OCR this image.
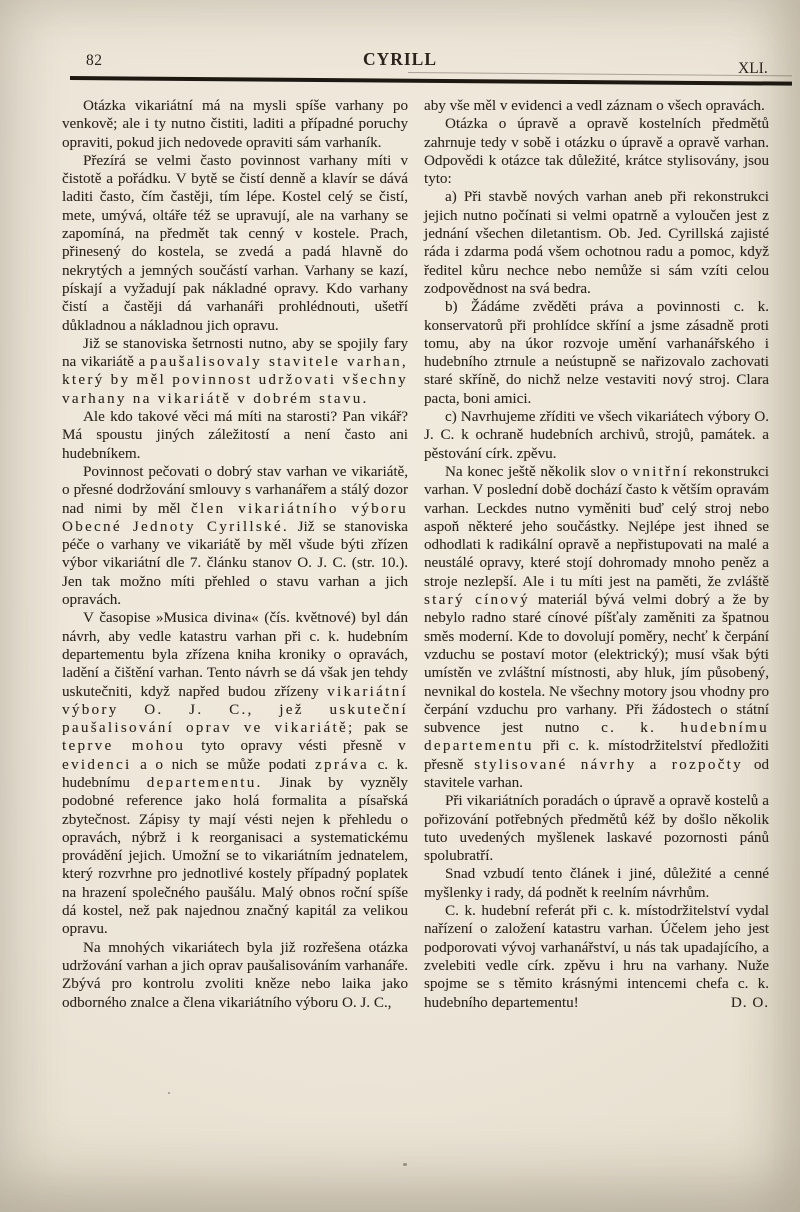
82	CYRILL	XLI.

Otázka vikariátní má na mysli spíše varhany po venkově; ale i ty nutno čistiti, laditi a případné poruchy opraviti, pokud jich nedovede opraviti sám varhaník.

Přezírá se velmi často povinnost varhany míti v čistotě a pořádku. V bytě se čistí denně a klavír se dává laditi často, čím častěji, tím lépe. Kostel celý se čistí, mete, umývá, oltáře též se upravují, ale na varhany se zapomíná, na předmět tak cenný v kostele. Prach, přinesený do kostela, se zvedá a padá hlavně do nekrytých a jemných součástí varhan. Varhany se kazí, pískají a vyžadují pak nákladné opravy. Kdo varhany čistí a častěji dá varhanáři prohlédnouti, ušetří důkladnou a nákladnou jich opravu.

Již se stanoviska šetrnosti nutno, aby se spojily fary na vikariátě a paušalisovaly stavitele varhan, který by měl povinnost udržovati všechny varhany na vikariátě v dobrém stavu.

Ale kdo takové věci má míti na starosti? Pan vikář? Má spoustu jiných záležitostí a není často ani hudebníkem.

Povinnost pečovati o dobrý stav varhan ve vikariátě, o přesné dodržování smlouvy s varhanářem a stálý dozor nad nimi by měl člen vikariátního výboru Obecné Jednoty Cyrillské. Již se stanoviska péče o varhany ve vikariátě by měl všude býti zřízen výbor vikariátní dle 7. článku stanov O. J. C. (str. 10.). Jen tak možno míti přehled o stavu varhan a jich opravách.

V časopise »Musica divina« (čís. květnové) byl dán návrh, aby vedle katastru varhan při c. k. hudebním departementu byla zřízena kniha kroniky o opravách, ladění a čištění varhan. Tento návrh se dá však jen tehdy uskutečniti, když napřed budou zřízeny vikariátní výbory O. J. C., jež uskuteční paušalisování oprav ve vikariátě; pak se teprve mohou tyto opravy vésti přesně v evidenci a o nich se může podati zpráva c. k. hudebnímu departementu. Jinak by vyzněly podobné reference jako holá formalita a písařská zbytečnost. Zápisy ty mají vésti nejen k přehledu o opravách, nýbrž i k reorganisaci a systematickému provádění jejich. Umožní se to vikariátním jednatelem, který rozvrhne pro jednotlivé kostely případný poplatek na hrazení společného paušálu. Malý obnos roční spíše dá kostel, než pak najednou značný kapitál za velikou opravu.

Na mnohých vikariátech byla již rozřešena otázka udržování varhan a jich oprav paušalisováním varhanáře. Zbývá pro kontrolu zvoliti kněze nebo laika jako odborného znalce a člena vikariátního výboru O. J. C.,

aby vše měl v evidenci a vedl záznam o všech opravách.

Otázka o úpravě a opravě kostelních předmětů zahrnuje tedy v sobě i otázku o úpravě a opravě varhan. Odpovědi k otázce tak důležité, krátce stylisovány, jsou tyto:

a) Při stavbě nových varhan aneb při rekonstrukci jejich nutno počínati si velmi opatrně a vyloučen jest z jednání všechen diletantism. Ob. Jed. Cyrillská zajisté ráda i zdarma podá všem ochotnou radu a pomoc, když ředitel kůru nechce nebo nemůže si sám vzíti celou zodpovědnost na svá bedra.

b) Žádáme zvěděti práva a povinnosti c. k. konservatorů při prohlídce skříní a jsme zásadně proti tomu, aby na úkor rozvoje umění varhanářského i hudebního ztrnule a neústupně se nařizovalo zachovati staré skříně, do nichž nelze vestaviti nový stroj. Clara pacta, boni amici.

c) Navrhujeme zříditi ve všech vikariátech výbory O. J. C. k ochraně hudebních archivů, strojů, památek. a pěstování círk. zpěvu.

Na konec ještě několik slov o vnitřní rekonstrukci varhan. V poslední době dochází často k větším opravám varhan. Leckdes nutno vyměniti buď celý stroj nebo aspoň některé jeho součástky. Nejlépe jest ihned se odhodlati k radikální opravě a nepřistupovati na malé a neustálé opravy, které stojí dohromady mnoho peněz a stroje nezlepší. Ale i tu míti jest na paměti, že zvláště starý cínový materiál bývá velmi dobrý a že by nebylo radno staré cínové píšťaly zaměniti za špatnou směs moderní. Kde to dovolují poměry, nechť k čerpání vzduchu se postaví motor (elektrický); musí však býti umístěn ve zvláštní místnosti, aby hluk, jím působený, nevnikal do kostela. Ne všechny motory jsou vhodny pro čerpání vzduchu pro varhany. Při žádostech o státní subvence jest nutno c. k. hudebnímu departementu při c. k. místodržitelství předložiti přesně stylisované návrhy a rozpočty od stavitele varhan.

Při vikariátních poradách o úpravě a opravě kostelů a pořizování potřebných předmětů kéž by došlo několik tuto uvedených myšlenek laskavé pozornosti pánů spolubratří.

Snad vzbudí tento článek i jiné, důležité a cenné myšlenky i rady, dá podnět k reelním návrhům.

C. k. hudební referát při c. k. místodržitelství vydal nařízení o založení katastru varhan. Účelem jeho jest podporovati vývoj varhanářství, u nás tak upadajícího, a zvelebiti vedle círk. zpěvu i hru na varhany. Nuže spojme se s těmito krásnými intencemi chefa c. k. hudebního departementu!	D. O.
